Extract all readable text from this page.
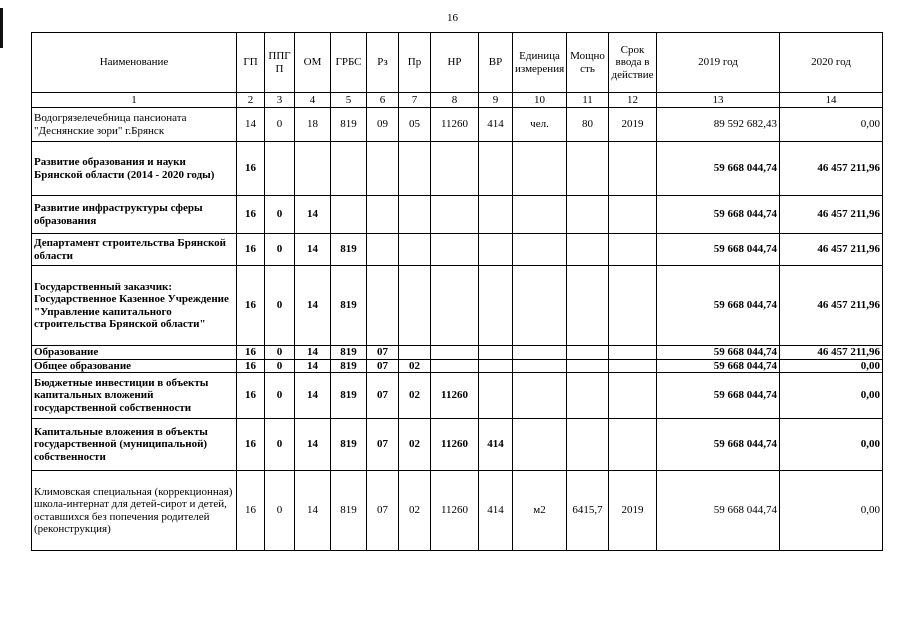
16
Наименование	ГП	ППГП	ОМ	ГРБС	Рз	Пр	НР	ВР	Единица измерения	Мощность	Срок ввода в действие	2019 год	2020 год
1	2	3	4	5	6	7	8	9	10	11	12	13	14
Водогрязелечебница пансионата "Деснянские зори" г.Брянск	14	0	18	819	09	05	11260	414	чел.	80	2019	89 592 682,43	0,00
Развитие образования и науки Брянской области (2014 - 2020 годы)	16											59 668 044,74	46 457 211,96
Развитие инфраструктуры сферы образования	16	0	14									59 668 044,74	46 457 211,96
Департамент строительства Брянской области	16	0	14	819								59 668 044,74	46 457 211,96
Государственный заказчик: Государственное Казенное Учреждение "Управление капитального строительства Брянской области"	16	0	14	819								59 668 044,74	46 457 211,96
Образование	16	0	14	819	07							59 668 044,74	46 457 211,96
Общее образование	16	0	14	819	07	02						59 668 044,74	0,00
Бюджетные инвестиции в объекты капитальных вложений государственной собственности	16	0	14	819	07	02	11260					59 668 044,74	0,00
Капитальные вложения в объекты государственной (муниципальной) собственности	16	0	14	819	07	02	11260	414				59 668 044,74	0,00
Климовская специальная (коррекционная) школа-интернат для детей-сирот и детей, оставшихся без попечения родителей (реконструкция)	16	0	14	819	07	02	11260	414	м2	6415,7	2019	59 668 044,74	0,00
